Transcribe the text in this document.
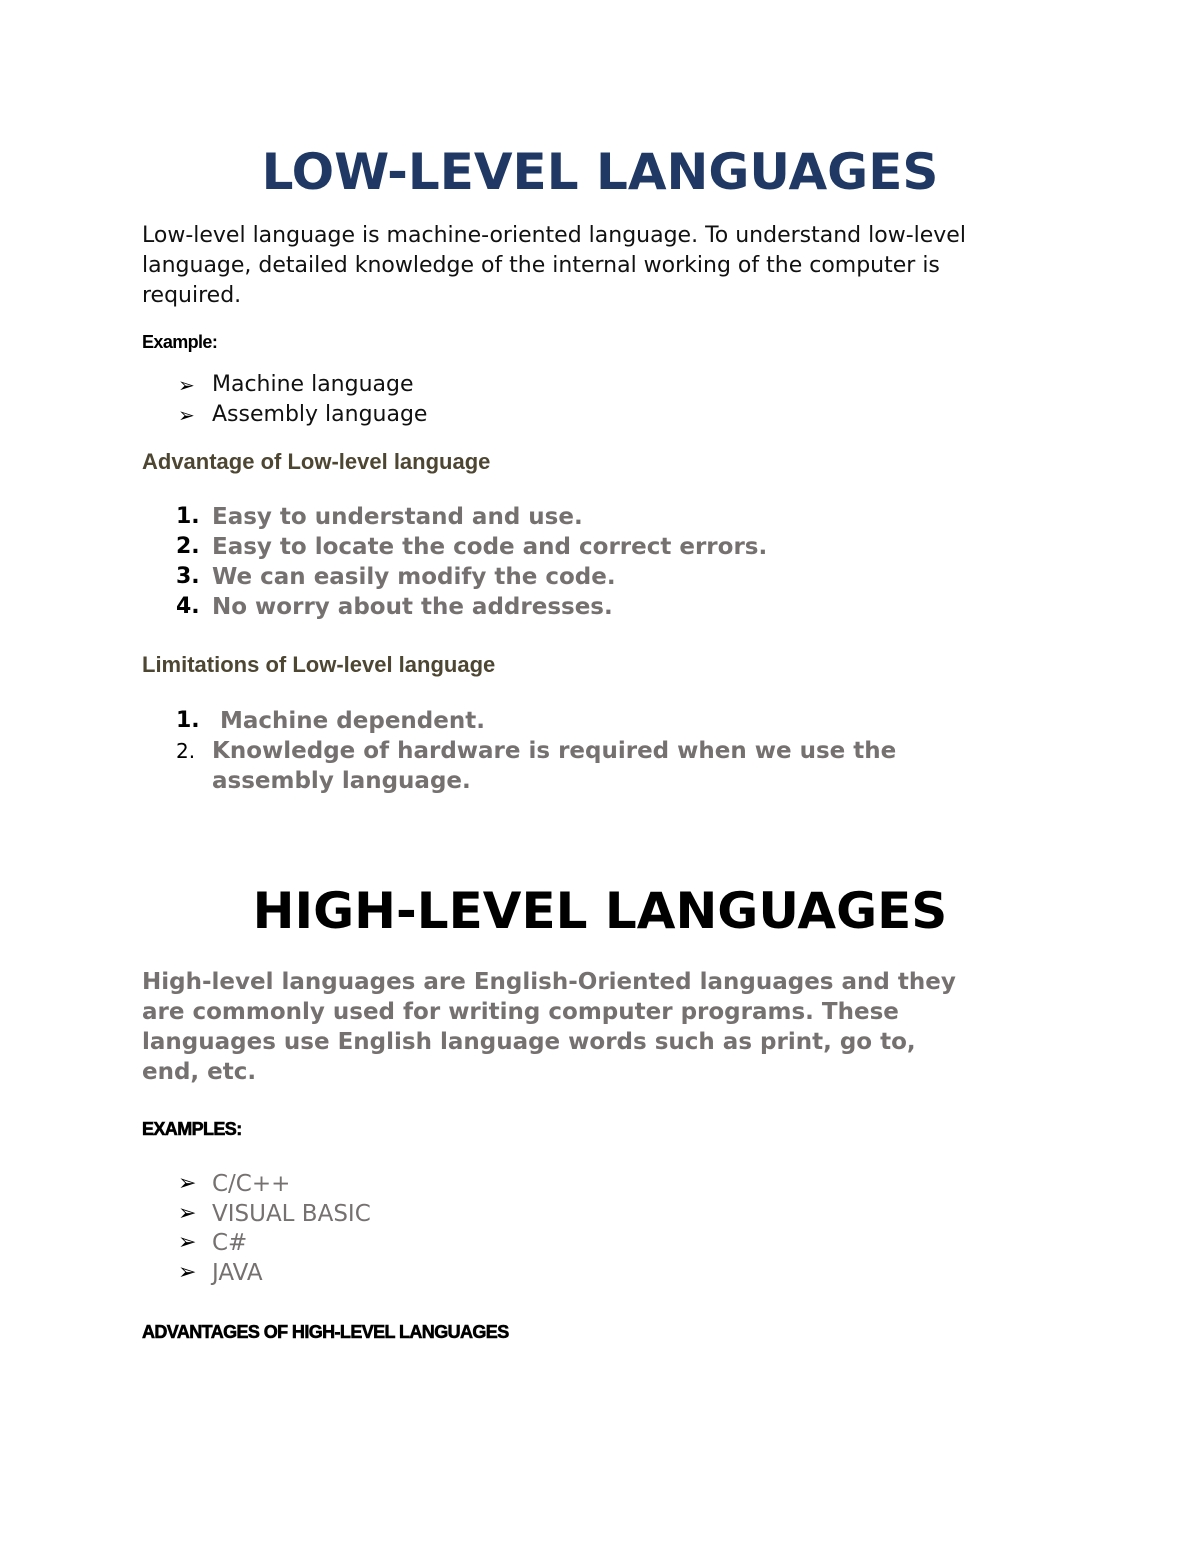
LOW-LEVEL LANGUAGES
Low-level language is machine-oriented language. To understand low-level
language, detailed knowledge of the internal working of the computer is
required.
Example:
➢ Machine language
➢ Assembly language
Advantage of Low-level language
1. Easy to understand and use.
2. Easy to locate the code and correct errors.
3. We can easily modify the code.
4. No worry about the addresses.
Limitations of Low-level language
1. Machine dependent.
2. Knowledge of hardware is required when we use the
assembly language.
HIGH-LEVEL LANGUAGES
High-level languages are English-Oriented languages and they
are commonly used for writing computer programs. These
languages use English language words such as print, go to,
end, etc.
EXAMPLES:
➢ C/C++
➢ VISUAL BASIC
➢ C#
➢ JAVA
ADVANTAGES OF HIGH-LEVEL LANGUAGES
